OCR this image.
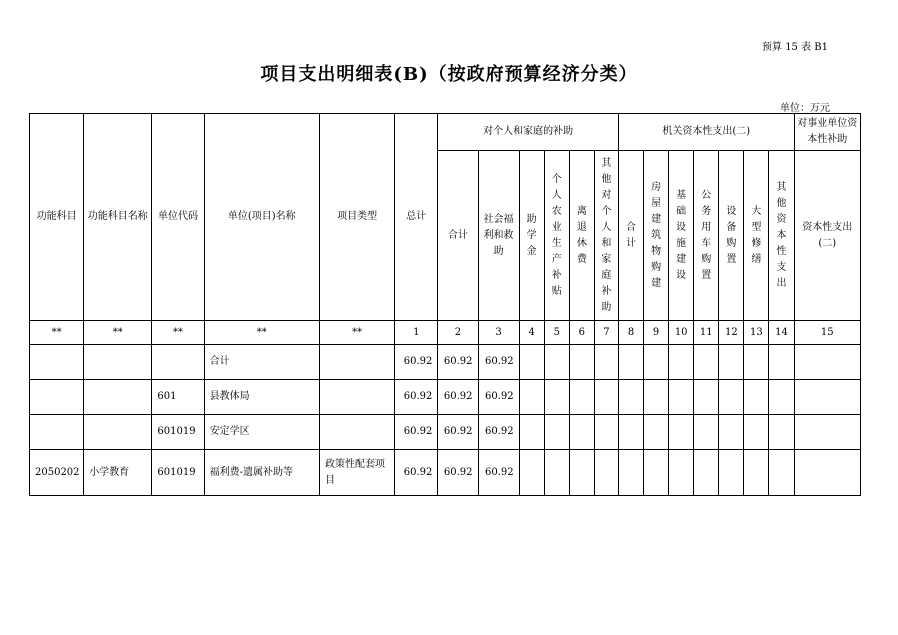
预算 15 表 B1
项目支出明细表(B)（按政府预算经济分类）
单位：万元
功能科目	功能科目名称	单位代码	单位(项目)名称	项目类型	总计	对个人和家庭的补助						机关资本性支出(二)							对事业单位资本性补助
						合计	社会福利和救助	助学金	个人农业生产补贴	离退休费	其他对个人和家庭补助	合计	房屋建筑物购建	基础设施建设	公务用车购置	设备购置	大型修缮	其他资本性支出	资本性支出(二)
**	**	**	**	**	1	2	3	4	5	6	7	8	9	10	11	12	13	14	15
			合计		60.92	60.92	60.92												
		601	县教体局		60.92	60.92	60.92												
		601019	安定学区		60.92	60.92	60.92												
2050202	小学教育	601019	福利费-遗属补助等	政策性配套项目	60.92	60.92	60.92												
